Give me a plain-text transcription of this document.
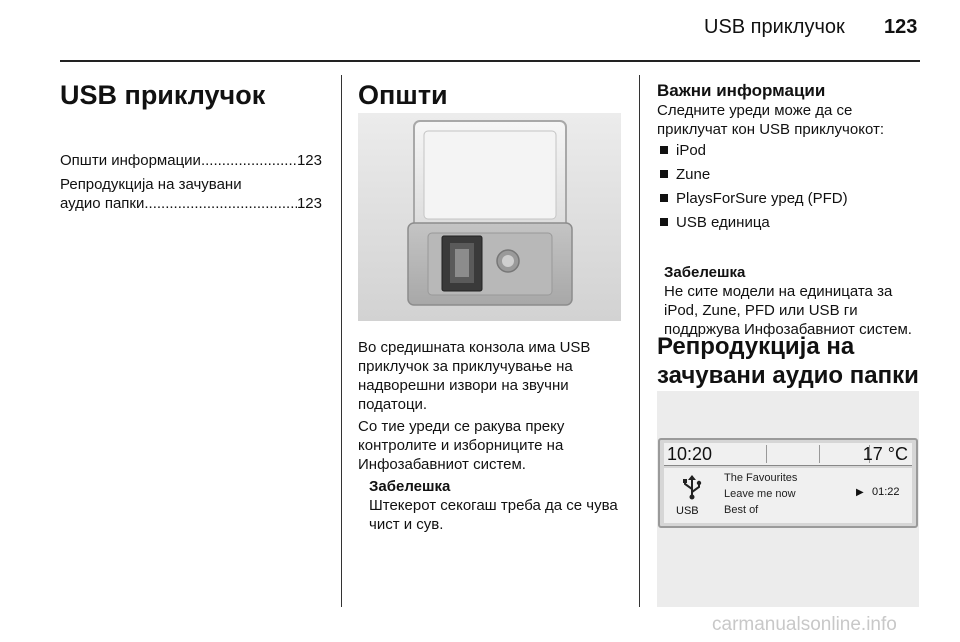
USB приклучок 123
USB приклучок
Општи информации .....	123
Репродукција на зачувани
аудио папки .....	123
Општи
Во средишната конзола има USB приклучок за приклучување на надворешни извори на звучни податоци.
Со тие уреди се ракува преку контролите и изборниците на Инфозабавниот систем.
Забелешка
Штекерот секогаш треба да се чува чист и сув.
Важни информации
Следните уреди може да се приклучат кон USB приклучокот:
iPod
Zune
PlaysForSure уред (PFD)
USB единица
Забелешка
Не сите модели на единицата за iPod, Zune, PFD или USB ги поддржува Инфозабавниот систем.
Репродукција на зачувани аудио папки
10:20	17 °C
USB
The Favourites
Leave me now
Best of
▶ 01:22
carmanualsonline.info
